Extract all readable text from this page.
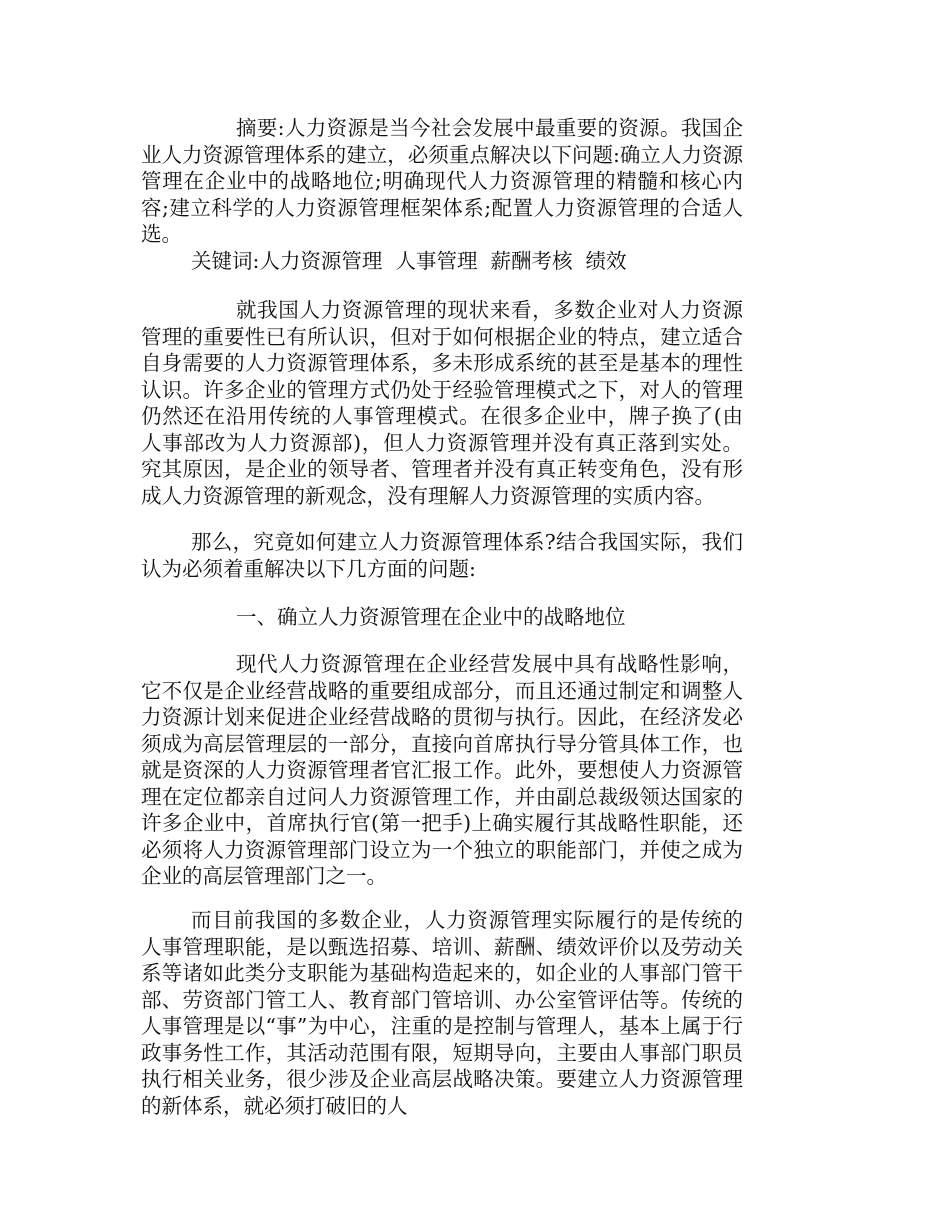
摘要:人力资源是当今社会发展中最重要的资源。我国企业人力资源管理体系的建立，必须重点解决以下问题:确立人力资源管理在企业中的战略地位;明确现代人力资源管理的精髓和核心内容;建立科学的人力资源管理框架体系;配置人力资源管理的合适人选。

关键词:人力资源管理  人事管理  薪酬考核  绩效

就我国人力资源管理的现状来看，多数企业对人力资源管理的重要性已有所认识，但对于如何根据企业的特点，建立适合自身需要的人力资源管理体系，多未形成系统的甚至是基本的理性认识。许多企业的管理方式仍处于经验管理模式之下，对人的管理仍然还在沿用传统的人事管理模式。在很多企业中，牌子换了(由人事部改为人力资源部)，但人力资源管理并没有真正落到实处。究其原因，是企业的领导者、管理者并没有真正转变角色，没有形成人力资源管理的新观念，没有理解人力资源管理的实质内容。

那么，究竟如何建立人力资源管理体系?结合我国实际，我们认为必须着重解决以下几方面的问题:

一、确立人力资源管理在企业中的战略地位

现代人力资源管理在企业经营发展中具有战略性影响，它不仅是企业经营战略的重要组成部分，而且还通过制定和调整人力资源计划来促进企业经营战略的贯彻与执行。因此，在经济发必须成为高层管理层的一部分，直接向首席执行导分管具体工作，也就是资深的人力资源管理者官汇报工作。此外，要想使人力资源管理在定位都亲自过问人力资源管理工作，并由副总裁级领达国家的许多企业中，首席执行官(第一把手)上确实履行其战略性职能，还必须将人力资源管理部门设立为一个独立的职能部门，并使之成为企业的高层管理部门之一。

而目前我国的多数企业，人力资源管理实际履行的是传统的人事管理职能，是以甄选招募、培训、薪酬、绩效评价以及劳动关系等诸如此类分支职能为基础构造起来的，如企业的人事部门管干部、劳资部门管工人、教育部门管培训、办公室管评估等。传统的人事管理是以“事”为中心，注重的是控制与管理人，基本上属于行政事务性工作，其活动范围有限，短期导向，主要由人事部门职员执行相关业务，很少涉及企业高层战略决策。要建立人力资源管理的新体系，就必须打破旧的人
